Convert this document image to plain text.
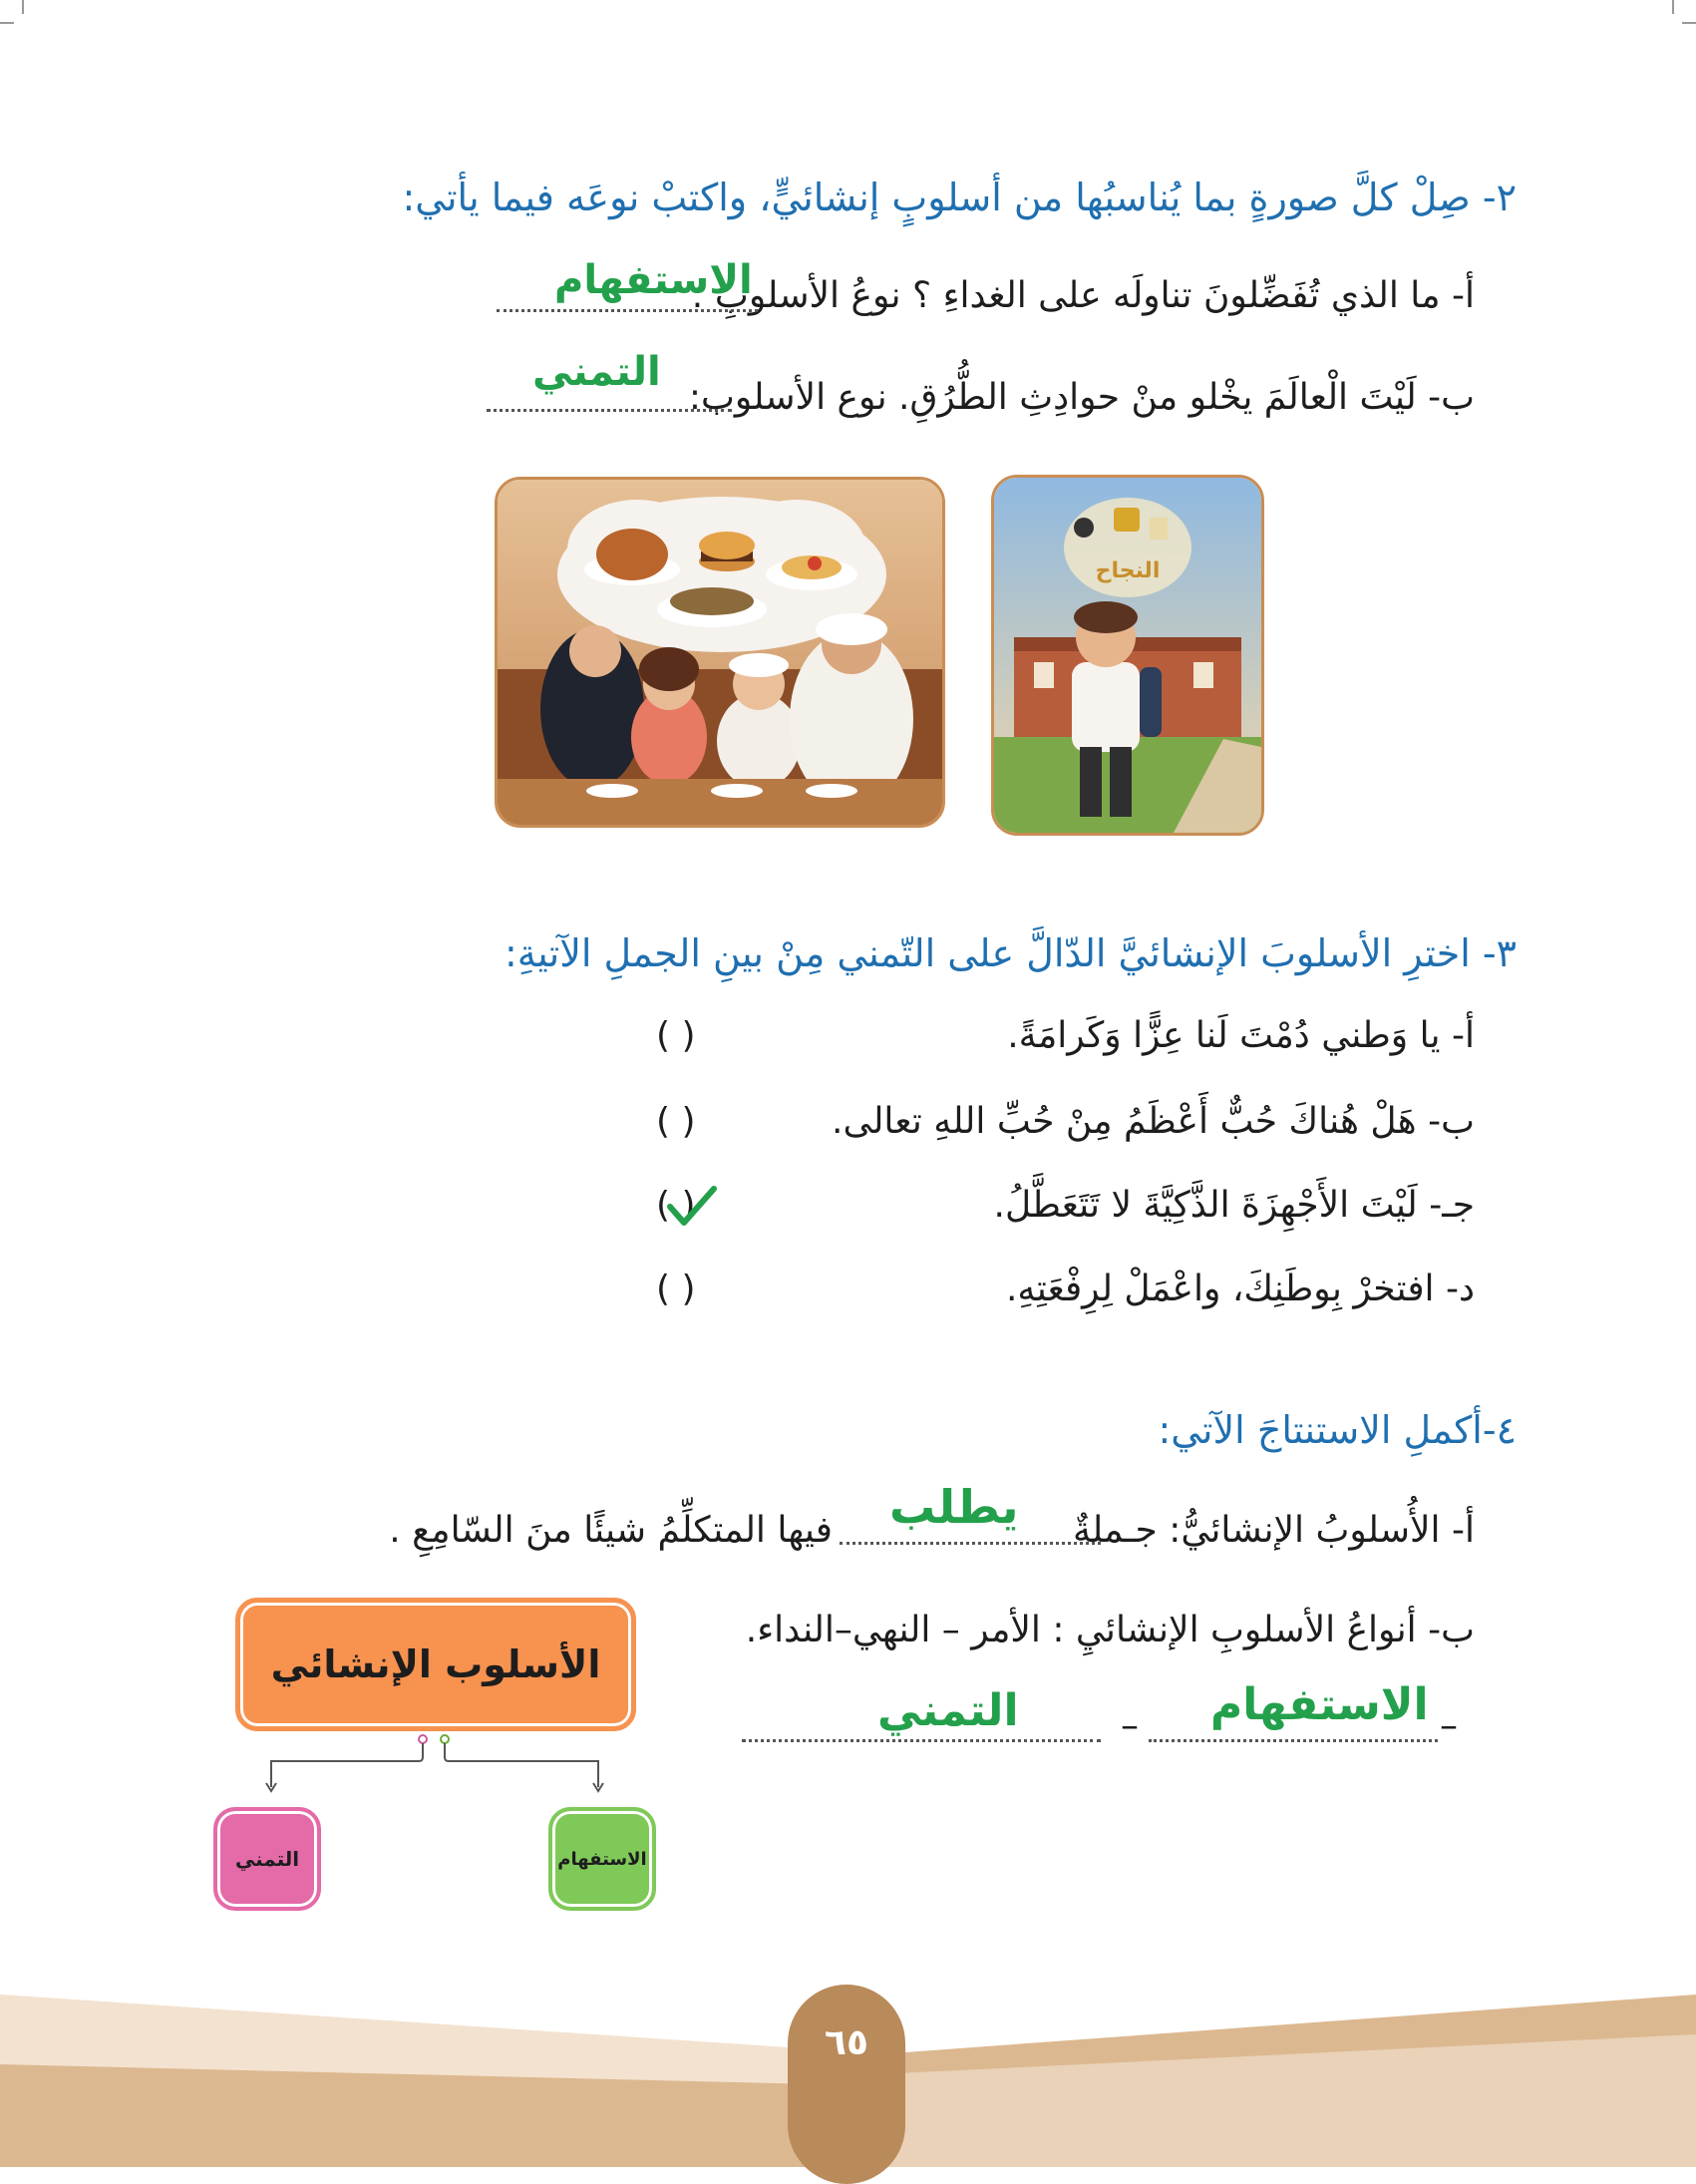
٢- صِلْ كلَّ صورةٍ بما يُناسبُها من أسلوبٍ إنشائيٍّ، واكتبْ نوعَه فيما يأتي:
أ- ما الذي تُفَضِّلونَ تناولَه على الغداءِ ؟ نوعُ الأسلوبِ :
الاستفهام
ب- لَيْتَ الْعالَمَ يخْلو منْ حوادِثِ الطُّرُقِ. نوع الأسلوب:
التمني
النجاح
٣- اخترِ الأسلوبَ الإنشائيَّ الدّالَّ على التّمني مِنْ بينِ الجملِ الآتيةِ:
أ- يا وَطني دُمْتَ لَنا عِزًّا وَكَرامَةً.
( )
ب- هَلْ هُناكَ حُبٌّ أَعْظَمُ مِنْ حُبِّ اللهِ تعالى.
( )
جـ- لَيْتَ الأَجْهِزَةَ الذَّكِيَّةَ لا تَتَعَطَّلُ.
( )
د- افتخرْ بِوطَنِكَ، واعْمَلْ لِرِفْعَتِهِ.
( )
٤-أكملِ الاستنتاجَ الآتي:
أ- الأُسلوبُ الإنشائيُّ: جـملةٌ
يطلب
فيها المتكلِّمُ شيئًا منَ السّامِعِ .
ب- أنواعُ الأسلوبِ الإنشائيِ : الأمر – النهي–النداء.
–
الاستفهام
–
التمني
الأسلوب الإنشائي
التمني	الاستفهام
٦٥
